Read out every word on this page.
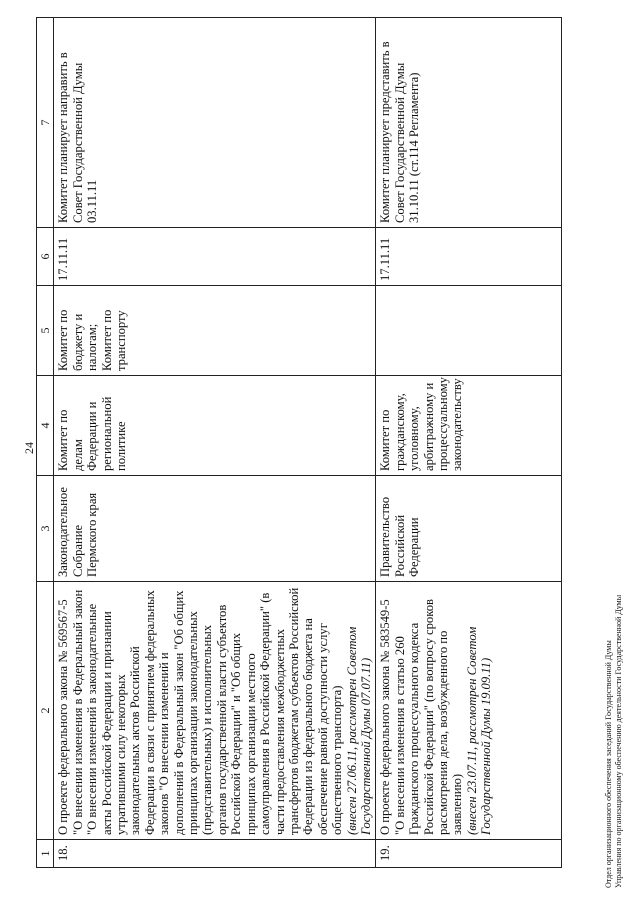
24
1	2	3	4	5	6	7
18.	О проекте федерального закона № 569567-5 "О внесении изменения в Федеральный закон "О внесении изменений в законодательные акты Российской Федерации и признании утратившими силу некоторых законодательных актов Российской Федерации в связи с принятием федеральных законов "О внесении изменений и дополнений в Федеральный закон "Об общих принципах организации законодательных (представительных) и исполнительных органов государственной власти субъектов Российской Федерации" и "Об общих принципах организации местного самоуправления в Российской Федерации" (в части предоставления межбюджетных трансфертов бюджетам субъектов Российской Федерации из федерального бюджета на обеспечение равной доступности услуг общественного транспорта) (внесен 27.06.11, рассмотрен Советом Государственной Думы 07.07.11)	Законодательное Собрание Пермского края	Комитет по делам Федерации и региональной политике	Комитет по бюджету и налогам; Комитет по транспорту	17.11.11	Комитет планирует направить в Совет Государственной Думы 03.11.11
19.	О проекте федерального закона № 583549-5 "О внесении изменения в статью 260 Гражданского процессуального кодекса Российской Федерации" (по вопросу сроков рассмотрения дела, возбужденного по заявлению) (внесен 23.07.11, рассмотрен Советом Государственной Думы 19.09.11)	Правительство Российской Федерации	Комитет по гражданскому, уголовному, арбитражному и процессуальному законодательству		17.11.11	Комитет планирует представить в Совет Государственной Думы 31.10.11 (ст.114 Регламента)
Отдел организационного обеспечения заседаний Государственной Думы Управления по организационному обеспечению деятельности Государственной Думы
